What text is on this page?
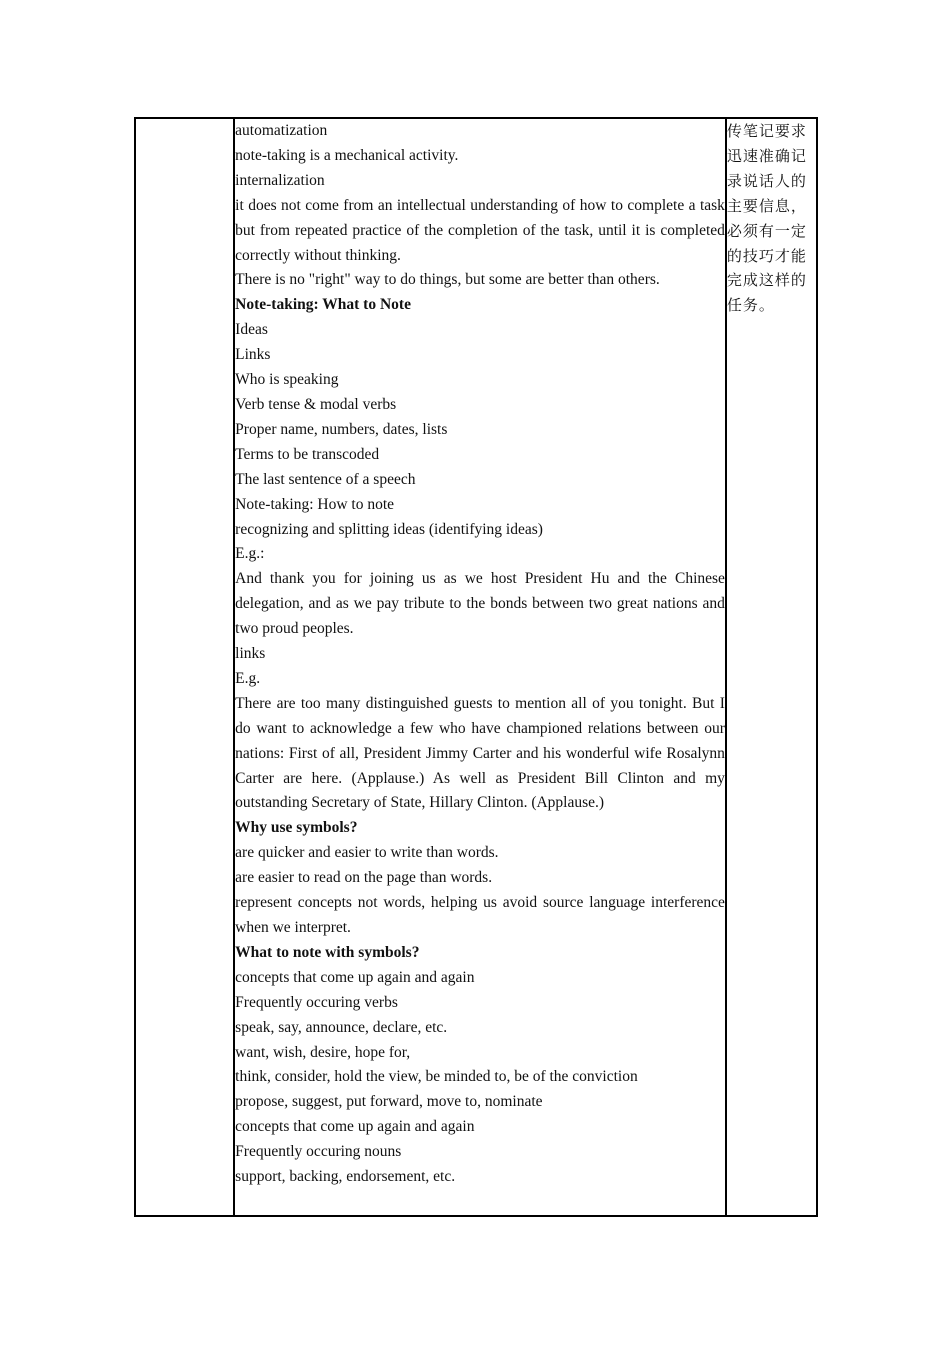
automatization
note-taking is a mechanical activity.
internalization
it does not come from an intellectual understanding of how to complete a task but from repeated practice of the completion of the task, until it is completed correctly without thinking.
There is no "right" way to do things, but some are better than others.
Note-taking: What to Note
Ideas
Links
Who is speaking
Verb tense & modal verbs
Proper name, numbers, dates, lists
Terms to be transcoded
The last sentence of a speech
Note-taking: How to note
recognizing and splitting ideas (identifying ideas)
E.g.:
And thank you for joining us as we host President Hu and the Chinese delegation, and as we pay tribute to the bonds between two great nations and two proud peoples.
links
E.g.
There are too many distinguished guests to mention all of you tonight. But I do want to acknowledge a few who have championed relations between our nations: First of all, President Jimmy Carter and his wonderful wife Rosalynn Carter are here. (Applause.) As well as President Bill Clinton and my outstanding Secretary of State, Hillary Clinton. (Applause.)
Why use symbols?
are quicker and easier to write than words.
are easier to read on the page than words.
represent concepts not words, helping us avoid source language interference when we interpret.
What to note with symbols?
concepts that come up again and again
Frequently occuring verbs
speak, say, announce, declare, etc.
want, wish, desire, hope for,
think, consider, hold the view, be minded to, be of the conviction
propose, suggest, put forward, move to, nominate
concepts that come up again and again
Frequently occuring nouns
support, backing, endorsement, etc.

传笔记要求迅速准确记录说话人的主要信息，必须有一定的技巧才能完成这样的任务。
